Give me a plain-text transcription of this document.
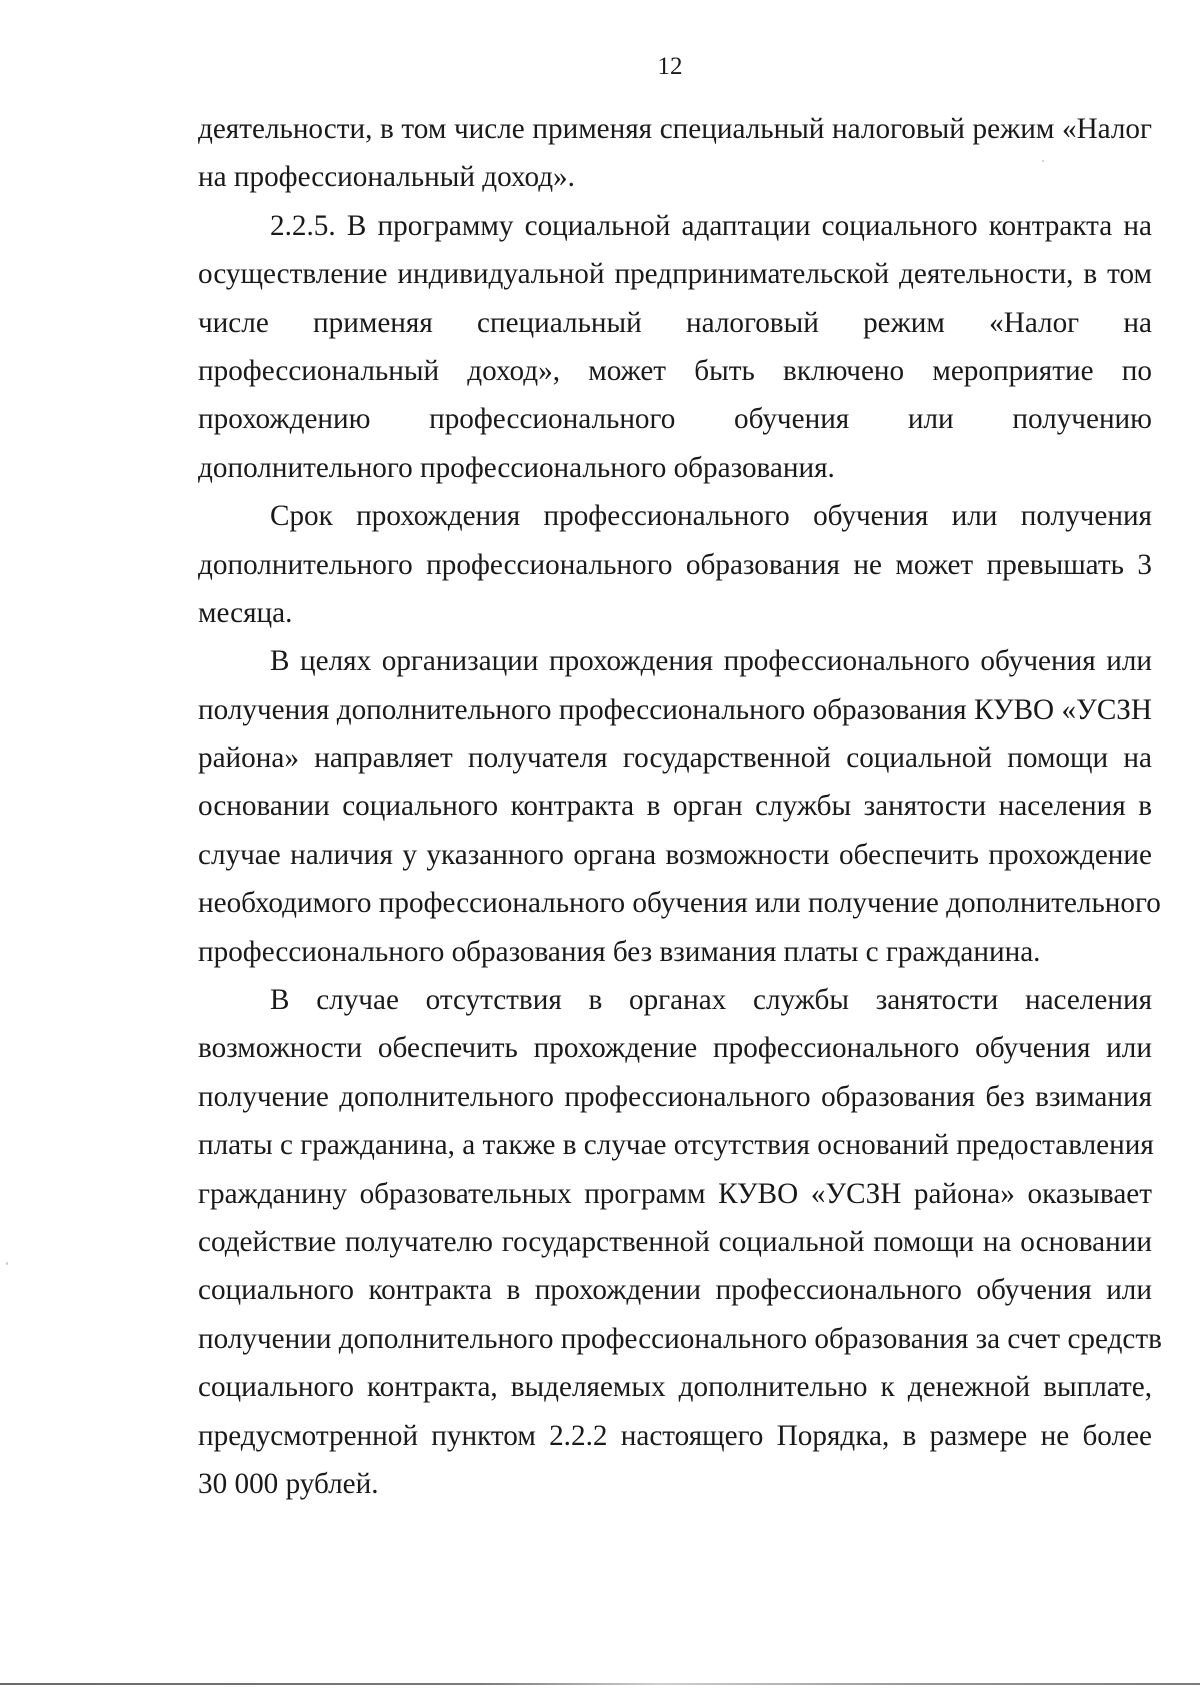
12
деятельности, в том числе применяя специальный налоговый режим «Налог
на профессиональный доход».
2.2.5. В программу социальной адаптации социального контракта на
осуществление индивидуальной предпринимательской деятельности, в том
числе применяя специальный налоговый режим «Налог на
профессиональный доход», может быть включено мероприятие по
прохождению профессионального обучения или получению
дополнительного профессионального образования.
Срок прохождения профессионального обучения или получения
дополнительного профессионального образования не может превышать 3
месяца.
В целях организации прохождения профессионального обучения или
получения дополнительного профессионального образования КУВО «УСЗН
района» направляет получателя государственной социальной помощи на
основании социального контракта в орган службы занятости населения в
случае наличия у указанного органа возможности обеспечить прохождение
необходимого профессионального обучения или получение дополнительного
профессионального образования без взимания платы с гражданина.
В случае отсутствия в органах службы занятости населения
возможности обеспечить прохождение профессионального обучения или
получение дополнительного профессионального образования без взимания
платы с гражданина, а также в случае отсутствия оснований предоставления
гражданину образовательных программ КУВО «УСЗН района» оказывает
содействие получателю государственной социальной помощи на основании
социального контракта в прохождении профессионального обучения или
получении дополнительного профессионального образования за счет средств
социального контракта, выделяемых дополнительно к денежной выплате,
предусмотренной пунктом 2.2.2 настоящего Порядка, в размере не более
30 000 рублей.
